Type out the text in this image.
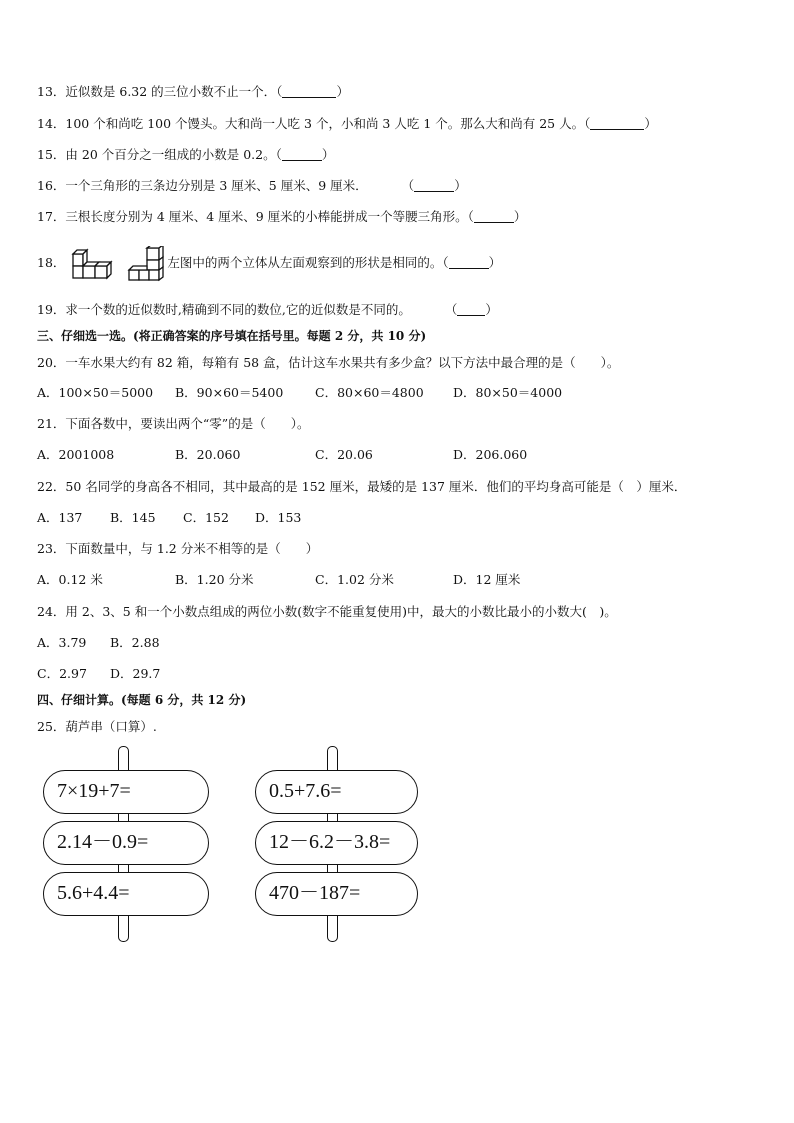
13．近似数是 6.32 的三位小数不止一个．（	）
14．100 个和尚吃 100 个馒头。大和尚一人吃 3 个，小和尚 3 人吃 1 个。那么大和尚有 25 人。（	）
15．由 20 个百分之一组成的小数是 0.2。（	）
16．一个三角形的三条边分别是 3 厘米、5 厘米、9 厘米．	（	）
17．三根长度分别为 4 厘米、4 厘米、9 厘米的小棒能拼成一个等腰三角形。（	）
18．	左图中的两个立体从左面观察到的形状是相同的。（	）
19．求一个数的近似数时,精确到不同的数位,它的近似数是不同的。	（ ）
三、仔细选一选。(将正确答案的序号填在括号里。每题 2 分，共 10 分)
20．一车水果大约有 82 箱，每箱有 58 盒，估计这车水果共有多少盒？以下方法中最合理的是（　　）。
A．100×50＝5000 B．90×60＝5400	C．80×60＝4800 D．80×50＝4000
21．下面各数中，要读出两个“零”的是（　　）。
A．2001008	B．20.060	C．20.06	D．206.060
22．50 名同学的身高各不相同，其中最高的是 152 厘米，最矮的是 137 厘米．他们的平均身高可能是（　）厘米．
A．137 B．145 C．152 D．153
23．下面数量中，与 1.2 分米不相等的是（　　）
A．0.12 米	B．1.20 分米	C．1.02 分米	D．12 厘米
24．用 2、3、5 和一个小数点组成的两位小数(数字不能重复使用)中，最大的小数比最小的小数大(　)。
A．3.79 B．2.88
C．2.97 D．29.7
四、仔细计算。(每题 6 分，共 12 分)
25．葫芦串（口算）.
7×19+7=
2.14－0.9=
5.6+4.4=
0.5+7.6=
12－6.2－3.8=
470－187=
